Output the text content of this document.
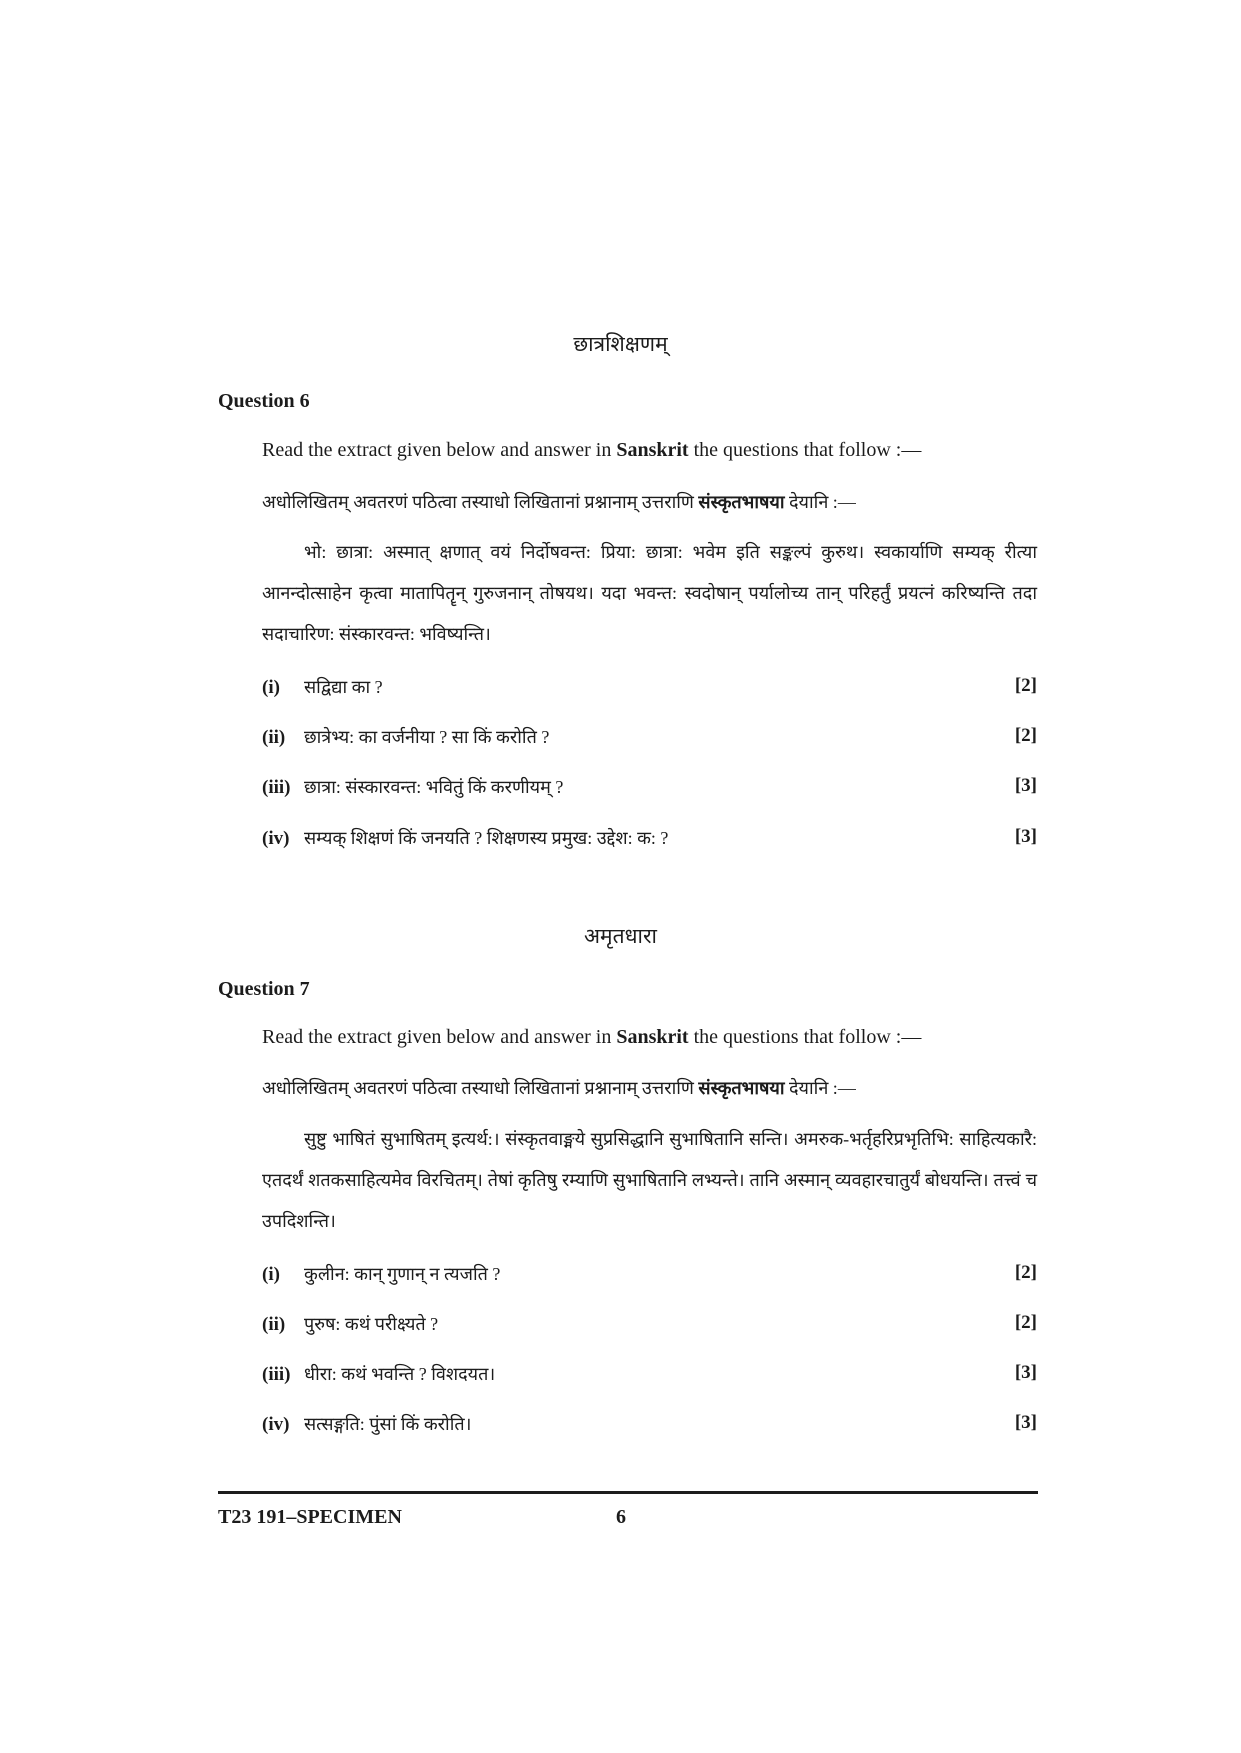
छात्रशिक्षणम्
Question 6
Read the extract given below and answer in Sanskrit the questions that follow :—
अधोलिखितम् अवतरणं पठित्वा तस्याधो लिखितानां प्रश्नानाम् उत्तराणि संस्कृतभाषया देयानि :—
भो: छात्रा: अस्मात् क्षणात् वयं निर्दोषवन्त: प्रिया: छात्रा: भवेम इति सङ्कल्पं कुरुथ। स्वकार्याणि सम्यक् रीत्या आनन्दोत्साहेन कृत्वा मातापितॄन् गुरुजनान् तोषयथ। यदा भवन्त: स्वदोषान् पर्यालोच्य तान् परिहर्तुं प्रयत्नं करिष्यन्ति तदा सदाचारिण: संस्कारवन्त: भविष्यन्ति।
(i) सद्विद्या का ?	[2]
(ii) छात्रेभ्य: का वर्जनीया ? सा किं करोति ?	[2]
(iii) छात्रा: संस्कारवन्त: भवितुं किं करणीयम् ?	[3]
(iv) सम्यक् शिक्षणं किं जनयति ? शिक्षणस्य प्रमुख: उद्देश: क: ?	[3]
अमृतधारा
Question 7
Read the extract given below and answer in Sanskrit the questions that follow :—
अधोलिखितम् अवतरणं पठित्वा तस्याधो लिखितानां प्रश्नानाम् उत्तराणि संस्कृतभाषया देयानि :—
सुष्टु भाषितं सुभाषितम् इत्यर्थ:। संस्कृतवाङ्मये सुप्रसिद्धानि सुभाषितानि सन्ति। अमरुक-भर्तृहरिप्रभृतिभि: साहित्यकारै: एतदर्थं शतकसाहित्यमेव विरचितम्। तेषां कृतिषु रम्याणि सुभाषितानि लभ्यन्ते। तानि अस्मान् व्यवहारचातुर्यं बोधयन्ति। तत्त्वं च उपदिशन्ति।
(i) कुलीन: कान् गुणान् न त्यजति ?	[2]
(ii) पुरुष: कथं परीक्ष्यते ?	[2]
(iii) धीरा: कथं भवन्ति ? विशदयत।	[3]
(iv) सत्सङ्गति: पुंसां किं करोति।	[3]
T23 191–SPECIMEN	6
